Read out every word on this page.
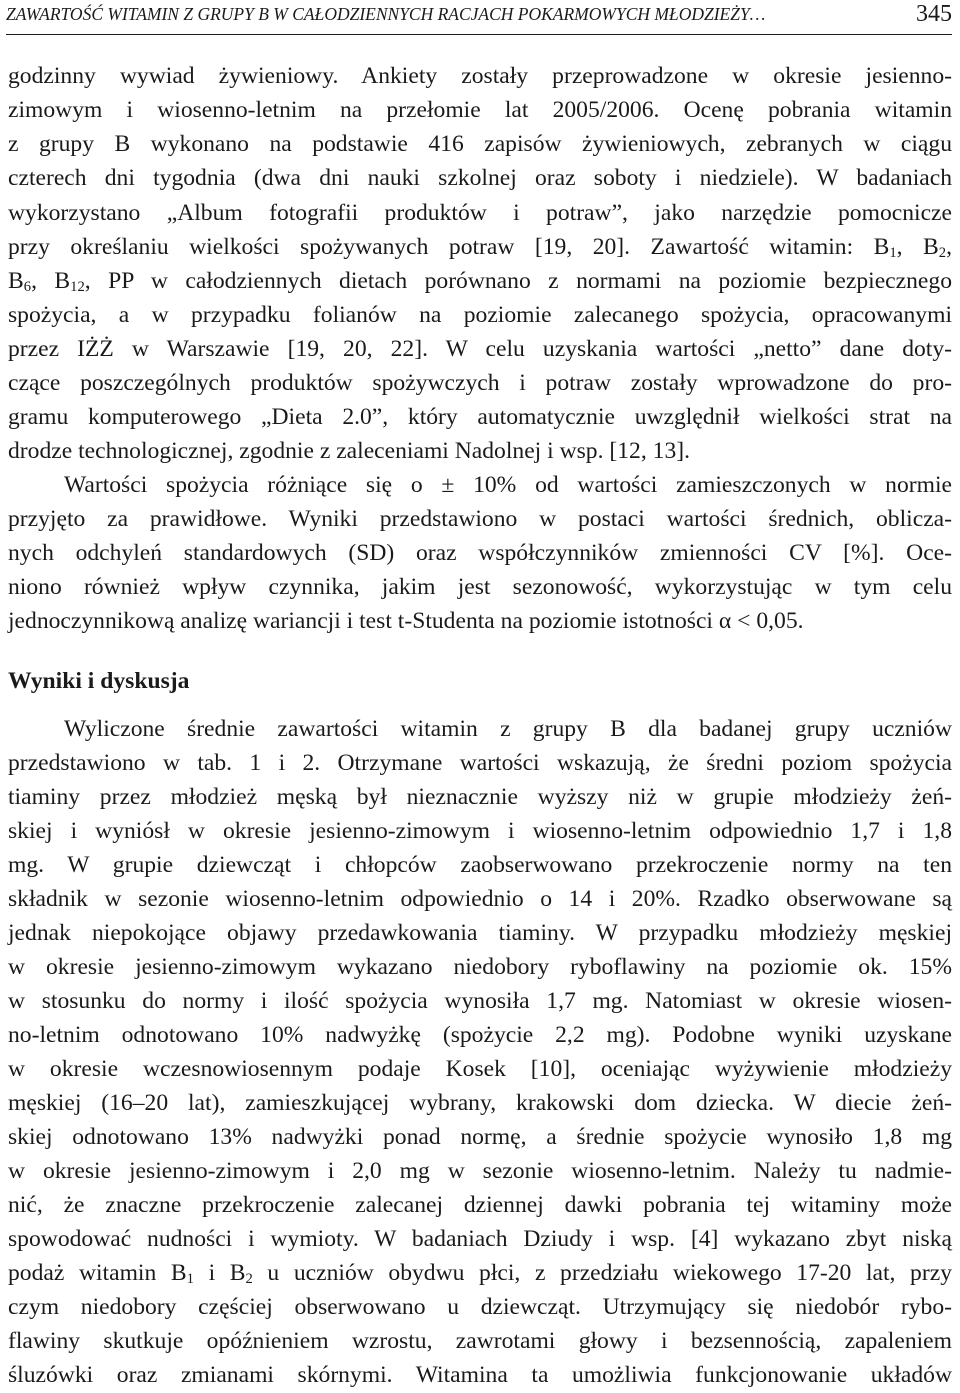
ZAWARTOŚĆ WITAMIN Z GRUPY B W CAŁODZIENNYCH RACJACH POKARMOWYCH MŁODZIEŻY…	345
godzinny wywiad żywieniowy. Ankiety zostały przeprowadzone w okresie jesienno-
zimowym i wiosenno-letnim na przełomie lat 2005/2006. Ocenę pobrania witamin
z grupy B wykonano na podstawie 416 zapisów żywieniowych, zebranych w ciągu
czterech dni tygodnia (dwa dni nauki szkolnej oraz soboty i niedziele). W badaniach
wykorzystano „Album fotografii produktów i potraw”, jako narzędzie pomocnicze
przy określaniu wielkości spożywanych potraw [19, 20]. Zawartość witamin: $B_1$, $B_2$,
$B_6$, $B_{12}$, PP w całodziennych dietach porównano z normami na poziomie bezpiecznego
spożycia, a w przypadku folianów na poziomie zalecanego spożycia, opracowanymi
przez IŻŻ w Warszawie [19, 20, 22]. W celu uzyskania wartości „netto” dane doty-
czące poszczególnych produktów spożywczych i potraw zostały wprowadzone do pro-
gramu komputerowego „Dieta 2.0”, który automatycznie uwzględnił wielkości strat na
drodze technologicznej, zgodnie z zaleceniami Nadolnej i wsp. [12, 13].
Wartości spożycia różniące się o ± 10% od wartości zamieszczonych w normie
przyjęto za prawidłowe. Wyniki przedstawiono w postaci wartości średnich, oblicza-
nych odchyleń standardowych (SD) oraz współczynników zmienności CV [%]. Oce-
niono również wpływ czynnika, jakim jest sezonowość, wykorzystując w tym celu
jednoczynnikową analizę wariancji i test t-Studenta na poziomie istotności α < 0,05.
Wyniki i dyskusja
Wyliczone średnie zawartości witamin z grupy B dla badanej grupy uczniów
przedstawiono w tab. 1 i 2. Otrzymane wartości wskazują, że średni poziom spożycia
tiaminy przez młodzież męską był nieznacznie wyższy niż w grupie młodzieży żeń-
skiej i wyniósł w okresie jesienno-zimowym i wiosenno-letnim odpowiednio 1,7 i 1,8
mg. W grupie dziewcząt i chłopców zaobserwowano przekroczenie normy na ten
składnik w sezonie wiosenno-letnim odpowiednio o 14 i 20%. Rzadko obserwowane są
jednak niepokojące objawy przedawkowania tiaminy. W przypadku młodzieży męskiej
w okresie jesienno-zimowym wykazano niedobory ryboflawiny na poziomie ok. 15%
w stosunku do normy i ilość spożycia wynosiła 1,7 mg. Natomiast w okresie wiosen-
no-letnim odnotowano 10% nadwyżkę (spożycie 2,2 mg). Podobne wyniki uzyskane
w okresie wczesnowiosennym podaje Kosek [10], oceniając wyżywienie młodzieży
męskiej (16–20 lat), zamieszkującej wybrany, krakowski dom dziecka. W diecie żeń-
skiej odnotowano 13% nadwyżki ponad normę, a średnie spożycie wynosiło 1,8 mg
w okresie jesienno-zimowym i 2,0 mg w sezonie wiosenno-letnim. Należy tu nadmie-
nić, że znaczne przekroczenie zalecanej dziennej dawki pobrania tej witaminy może
spowodować nudności i wymioty. W badaniach Dziudy i wsp. [4] wykazano zbyt niską
podaż witamin $B_1$ i $B_2$ u uczniów obydwu płci, z przedziału wiekowego 17-20 lat, przy
czym niedobory częściej obserwowano u dziewcząt. Utrzymujący się niedobór rybo-
flawiny skutkuje opóźnieniem wzrostu, zawrotami głowy i bezsennością, zapaleniem
śluzówki oraz zmianami skórnymi. Witamina ta umożliwia funkcjonowanie układów
